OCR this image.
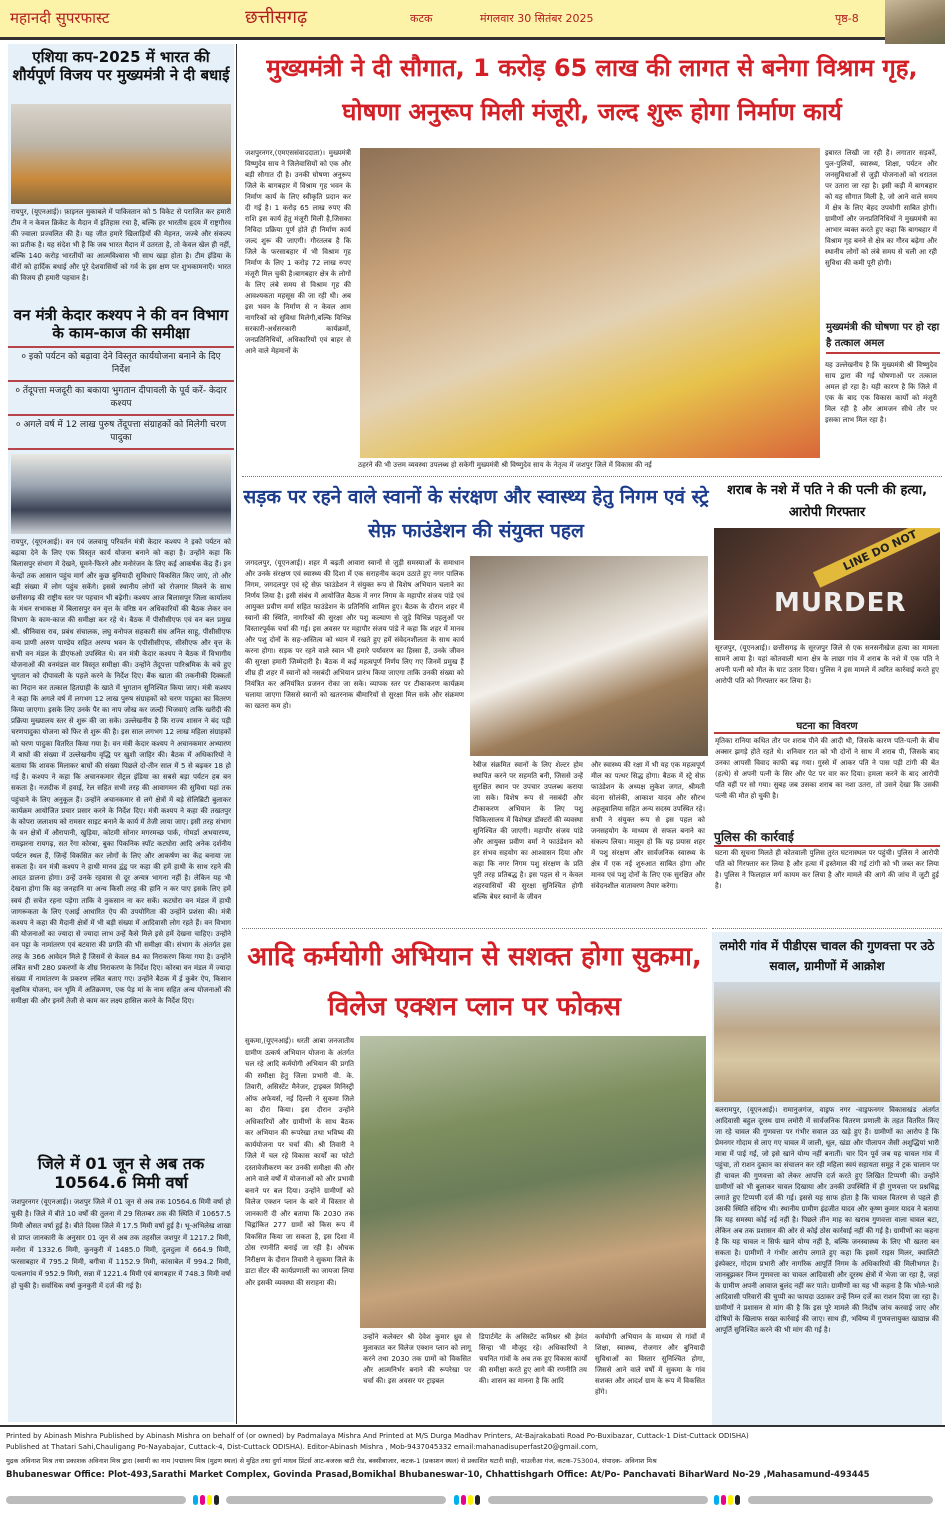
महानदी सुपरफास्ट	छत्तीसगढ़	कटक	मंगलवार 30 सितंबर 2025	पृष्ठ-8
एशिया कप-2025 में भारत की शौर्यपूर्ण विजय पर मुख्यमंत्री ने दी बधाई
रायपुर, (यूएनआई)। फ़ाइनल मुकाबले में पाकिस्तान को 5 विकेट से पराजित कर हमारी टीम ने न केवल क्रिकेट के मैदान में इतिहास रचा है, बल्कि हर भारतीय हृदय में राष्ट्रगौरव की ज्वाला प्रज्वलित की है। यह जीत हमारे खिलाड़ियों की मेहनत, जज्बे और संकल्प का प्रतीक है। यह संदेश भी है कि जब भारत मैदान में उतरता है, तो केवल खेल ही नहीं, बल्कि 140 करोड़ भारतीयों का आत्मविश्वास भी साथ खड़ा होता है। टीम इंडिया के वीरों को हार्दिक बधाई और पूरे देशवासियों को गर्व के इस क्षण पर शुभकामनाएँ। भारत की विजय ही हमारी पहचान है।
वन मंत्री केदार कश्यप ने की वन विभाग के काम-काज की समीक्षा
० इको पर्यटन को बढ़ावा देने विस्तृत कार्ययोजना बनाने के दिए निर्देश
० तेंदूपत्ता मजदूरी का बकाया भुगतान दीपावली के पूर्व करें- केदार कश्यप
० अगले वर्ष में 12 लाख पुरुष तेंदूपत्ता संग्राहकों को मिलेगी चरण पादुका
रायपुर, (यूएनआई)। वन एवं जलवायु परिवर्तन मंत्री केदार कश्यप ने इको पर्यटन को बढ़ावा देने के लिए एक विस्तृत कार्य योजना बनाने को कहा है। उन्होंने कहा कि बिलासपुर संभाग में देखने, घूमने-फिरने और मनोरंजन के लिए कई आकर्षक केंद्र हैं। इन केन्द्रों तक आसान पहुंच मार्ग और कुछ बुनियादी सुविधाएं विकसित किए जाएं, तो और बड़ी संख्या में लोग पहुंच सकेंगे। इससे स्थानीय लोगों को रोजगार मिलने के साथ छत्तीसगढ़ की राष्ट्रीय स्तर पर पहचान भी बढ़ेगी। कश्यप आज बिलासपुर जिला कार्यालय के मंथन सभाकक्ष में बिलासपुर वन वृत्त के वरिष्ठ वन अधिकारियों की बैठक लेकर वन विभाग के काम-काज की समीक्षा कर रहे थे। बैठक में पीसीसीएफ एवं वन बल प्रमुख श्री. श्रीनिवास राव, प्रबंध संचालक, लघु वनोपज सहकारी संघ अनिल साहू, पीसीसीएफ वन्य प्राणी अरुण पाण्डेय सहित अरण्य भवन के एपीसीसीएफ, सीसीएफ और वृत्त के सभी वन मंडल के डीएफओ उपस्थित थे। वन मंत्री केदार कश्यप ने बैठक में विभागीय योजनाओं की वनमंडल वार विस्तृत समीक्षा की। उन्होंने तेंदूपत्ता पारिश्रमिक के बचे हुए भुगतान को दीपावली के पहले करने के निर्देश दिए। बैंक खाता की तकनीकी दिक्कतों का निदान कर तत्काल हितग्राही के खाते में भुगतान सुनिश्चित किया जाए। मंत्री कश्यप ने कहा कि अगले वर्ष में लगभग 12 लाख पुरुष संग्राहकों को चरण पादुका का वितरण किया जाएगा। इसके लिए उनके पैर का नाप जोख कर जल्दी भिजवाएं ताकि खरीदी की प्रक्रिया मुख्यालय स्तर से शुरू की जा सके। उल्लेखनीय है कि राज्य शासन ने बंद पड़ी चरणपादुका योजना को फिर से शुरू की है। इस साल लगभग 12 लाख महिला संग्राहकों को चरण पादुका वितरित किया गया है। वन मंत्री केदार कश्यप ने अचानकमार अभ्यारण में बाघों की संख्या में उल्लेखनीय वृद्धि पर खुशी जाहिर की। बैठक में अधिकारियों ने बताया कि शावक मिलाकर बाघों की संख्या पिछले दो-तीन साल में 5 से बढ़कर 18 हो गई है। कश्यप ने कहा कि अचानकमार सेंट्रल इंडिया का सबसे बड़ा पर्यटन हब बन सकता है। नजदीक में हवाई, रेल सहित सभी तरह की आवागमन की सुविधा यहां तक पहुंचाने के लिए अनुकूल हैं। उन्होंने अचानकमार से लगे क्षेत्रों में बड़े सेलिब्रिटी बुलाकर कार्यक्रम आयोजित प्रचार प्रसार करने के निर्देश दिए। मंत्री कश्यप ने कहा की तखतपुर के कोपरा जलाशय को रामसर साइट बनाने के कार्य में तेजी लाया जाए। इसी तरह संभाग के वन क्षेत्रों में औरापानी, खुड़िया, कोटमी सोनार मगरमच्छ पार्क, गोमर्डा अभयारण्य, रामझरना रायगढ़, सत रेंगा कोरबा, बुका पिकनिक स्पॉट कटघोरा आदि अनेक दर्शनीय पर्यटन स्थल हैं, जिन्हें विकसित कर लोगों के लिए और आकर्षण का केंद्र बनाया जा सकता है। वन मंत्री कश्यप ने हाथी मानव द्वंद्व पर कहा की हमें हाथी के साथ रहने की आदत डालना होगा। उन्हें उनके रहवास से दूर अन्यत्र भागना नहीं है। लेकिन यह भी देखना होगा कि वह जनहानि या अन्य किसी तरह की हानि न कर पाए इसके लिए हमें स्वयं ही सचेत रहना पड़ेगा ताकि वे नुकसान ना कर सकें। कटघोरा वन मंडल में हाथी जागरूकता के लिए एआई आधारित ऐप की उपयोगिता की उन्होंने प्रशंसा की। मंत्री कश्यप ने कहा की मैदानी क्षेत्रों में भी बड़ी संख्या में आदिवासी लोग रहते हैं। वन विभाग की योजनाओं का ज्यादा से ज्यादा लाभ उन्हें कैसे मिले इसे हमें देखना चाहिए। उन्होंने वन पट्टा के नामांतरण एवं बटवारा की प्रगति की भी समीक्षा की। संभाग के अंतर्गत इस तरह के 366 आवेदन मिले हैं जिसमें से केवल 84 का निराकरण किया गया है। उन्होंने लंबित सभी 280 प्रकरणों के शीघ्र निराकरण के निर्देश दिए। कोरबा वन मंडल में ज्यादा संख्या में नामांतरण के प्रकरण लंबित बताए गए। उन्होंने बैठक में ई कुबेर ऐप, किसान वृक्षमित्र योजना, वन भूमि में अतिक्रमण, एक पेड़ मां के नाम सहित अन्य योजनाओं की समीक्षा की और इनमें तेजी से काम कर लक्ष्य हासिल करने के निर्देश दिए।
जिले में 01 जून से अब तक 10564.6 मिमी वर्षा
जशपुरनगर (यूएनआई)। जशपुर जिले में 01 जून से अब तक 10564.6 मिमी वर्षा हो चुकी है। जिले में बीते 10 वर्षों की तुलना में 29 सितम्बर तक की स्थिति में 10657.5 मिमी औसत वर्षा हुई है। बीते दिवस जिले में 17.5 मिमी वर्षा हुई है। भू-अभिलेख शाखा से प्राप्त जानकारी के अनुसार 01 जून से अब तक तहसील जशपुर में 1217.2 मिमी, मनोरा में 1332.6 मिमी, कुनकुरी में 1485.0 मिमी, दुलदुला में 664.9 मिमी, फरसाबहार में 795.2 मिमी, बगीचा में 1152.9 मिमी, कांसाबेल में 994.2 मिमी, पत्थलगांव में 952.9 मिमी, सन्ना में 1221.4 मिमी एवं बागबहार में 748.3 मिमी वर्षा हो चुकी है। सर्वाधिक वर्षा कुनकुरी में दर्ज की गई है।
मुख्यमंत्री ने दी सौगात, 1 करोड़ 65 लाख की लागत से बनेगा विश्राम गृह, घोषणा अनुरूप मिली मंजूरी, जल्द शुरू होगा निर्माण कार्य
जशपुरनगर,(एमएससंवाददाता)। मुख्यमंत्री विष्णुदेव साय ने जिलेवासियों को एक और बड़ी सौगात दी है। उनकी घोषणा अनुरूप जिले के बागबहार में विश्राम गृह भवन के निर्माण कार्य के लिए स्वीकृति प्रदान कर दी गई है। 1 करोड़ 65 लाख रुपए की राशि इस कार्य हेतु मंजूरी मिली है,जिसका निविदा प्रक्रिया पूर्ण होते ही निर्माण कार्य जल्द शुरू की जाएगी। गौरतलब है कि जिले के फरसाबहार में भी विश्राम गृह निर्माण के लिए 1 करोड़ 72 लाख रुपए मंजूरी मिल चुकी है।बागबहार क्षेत्र के लोगों के लिए लंबे समय से विश्राम गृह की आवश्यकता महसूस की जा रही थी। अब इस भवन के निर्माण से न केवल आम नागरिकों को सुविधा मिलेगी,बल्कि विभिन्न सरकारी-अर्धसरकारी कार्यक्रमों, जनप्रतिनिधियों, अधिकारियों एवं बाहर से आने वाले मेहमानों के
इबारत लिखी जा रही है। लगातार सड़कों, पुल-पुलियों, स्वास्थ्य, शिक्षा, पर्यटन और जनसुविधाओं से जुड़ी योजनाओं को धरातल पर उतारा जा रहा है। इसी कड़ी में बागबहार को यह सौगात मिली है, जो आने वाले समय में क्षेत्र के लिए बेहद उपयोगी साबित होगी। ग्रामीणों और जनप्रतिनिधियों ने मुख्यमंत्री का आभार व्यक्त करते हुए कहा कि बागबहार में विश्राम गृह बनने से क्षेत्र का गौरव बढ़ेगा और स्थानीय लोगों को लंबे समय से चली आ रही सुविधा की कमी पूरी होगी।
मुख्यमंत्री की घोषणा पर हो रहा है तत्काल अमल
यह उल्लेखनीय है कि मुख्यमंत्री श्री विष्णुदेव साय द्वारा की गई घोषणाओं पर तत्काल अमल हो रहा है। यही कारण है कि जिले में एक के बाद एक विकास कार्यों को मंजूरी मिल रही है और आमजन सीधे तौर पर इसका लाभ मिल रहा है।
ठहरने की भी उत्तम व्यवस्था उपलब्ध हो सकेगी मुख्यमंत्री श्री विष्णुदेव साय के नेतृत्व में जशपुर जिले में विकास की नई
सड़क पर रहने वाले स्वानों के संरक्षण और स्वास्थ्य हेतु निगम एवं स्ट्रे सेफ़ फाउंडेशन की संयुक्त पहल
जगदलपुर, (यूएनआई)। शहर में बढ़ती आवारा स्वानों से जुड़ी समस्याओं के समाधान और उनके संरक्षण एवं स्वास्थ्य की दिशा में एक सराहनीय कदम उठाते हुए नगर पालिक निगम, जगदलपुर एवं स्ट्रे सेफ़ फाउंडेशन ने संयुक्त रूप से विशेष अभियान चलाने का निर्णय लिया है। इसी संबंध में आयोजित बैठक में नगर निगम के महापौर संजय पांडे एवं आयुक्त प्रवीण वर्मा सहित फाउंडेशन के प्रतिनिधि शामिल हुए। बैठक के दौरान शहर में स्वानों की स्थिति, नागरिकों की सुरक्षा और पशु कल्याण से जुड़े विभिन्न पहलुओं पर विस्तारपूर्वक चर्चा की गई। इस अवसर पर महापौर संजय पांडे ने कहा कि शहर में मानव और पशु दोनों के सह-अस्तित्व को ध्यान में रखते हुए हमें संवेदनशीलता के साथ कार्य करना होगा। सड़क पर रहने वाले स्वान भी हमारे पर्यावरण का हिस्सा हैं, उनके जीवन की सुरक्षा हमारी जिम्मेदारी है। बैठक में कई महत्वपूर्ण निर्णय लिए गए जिनमें प्रमुख हैं शीघ्र ही शहर में स्वानों को नसबंदी अभियान प्रारंभ किया जाएगा ताकि उनकी संख्या को नियंत्रित कर अनियंत्रित प्रजनन रोका जा सके। व्यापक स्तर पर टीकाकरण कार्यक्रम चलाया जाएगा जिससे स्वानों को खतरनाक बीमारियों से सुरक्षा मिल सके और संक्रमण का खतरा कम हो।
रेबीज संक्रमित स्वानों के लिए शेल्टर होम स्थापित करने पर सहमति बनी, जिससे उन्हें सुरक्षित स्थान पर उपचार उपलब्ध कराया जा सके। विशेष रूप से नसबंदी और टीकाकरण अभियान के लिए पशु चिकित्सालय में विशेषज्ञ डॉक्टरों की व्यवस्था सुनिश्चित की जाएगी। महापौर संजय पांडे और आयुक्त प्रवीण वर्मा ने फाउंडेशन को हर संभव सहयोग का आश्वासन दिया और कहा कि नगर निगम पशु संरक्षण के प्रति पूरी तरह प्रतिबद्ध है। इस पहल से न केवल शहरवासियों की सुरक्षा सुनिश्चित होगी बल्कि बेघर स्वानों के जीवन
और स्वास्थ्य की रक्षा में भी यह एक महत्वपूर्ण मील का पत्थर सिद्ध होगा। बैठक में स्ट्रे सेफ़ फाउंडेशन के अध्यक्ष लुकेश जगत, श्रीमती वंदना सोलंकी, आकाश यादव और सौरभ अहलूवालिया सहित अन्य सदस्य उपस्थित रहे। सभी ने संयुक्त रूप से इस पहल को जनसहयोग के माध्यम से सफल बनाने का संकल्प लिया। मालूम हो कि यह प्रयास शहर में पशु संरक्षण और सार्वजनिक स्वास्थ्य के क्षेत्र में एक नई शुरुआत साबित होगा और मानव एवं पशु दोनों के लिए एक सुरक्षित और संवेदनशील वातावरण तैयार करेगा।
शराब के नशे में पति ने की पत्नी की हत्या, आरोपी गिरफ्तार
LINE DO NOT
MURDER
सूरजपुर, (यूएनआई)। छत्तीसगढ़ के सूरजपुर जिले से एक सनसनीखेज हत्या का मामला सामने आया है। यहां कोतवाली थाना क्षेत्र के लाछा गांव में शराब के नशे में एक पति ने अपनी पत्नी को मौत के घाट उतार दिया। पुलिस ने इस मामले में त्वरित कार्रवाई करते हुए आरोपी पति को गिरफ्तार कर लिया है।
घटना का विवरण
मृतिका रानिया कथित तौर पर शराब पीने की आदी थी, जिसके कारण पति-पत्नी के बीच अक्सर झगड़े होते रहते थे। शनिवार रात को भी दोनों ने साथ में शराब पी, जिसके बाद उनका आपसी विवाद काफी बढ़ गया। गुस्से में आकर पति ने पास पड़ी टांगी की बेंत (हत्थे) से अपनी पत्नी के सिर और पेट पर वार कर दिया। हमला करने के बाद आरोपी पति वहीं पर सो गया। सुबह जब उसका शराब का नशा उतरा, तो उसने देखा कि उसकी पत्नी की मौत हो चुकी है।
पुलिस की कार्रवाई
घटना की सूचना मिलते ही कोतवाली पुलिस तुरंत घटनास्थल पर पहुंची। पुलिस ने आरोपी पति को गिरफ्तार कर लिया है और हत्या में इस्तेमाल की गई टांगी को भी जब्त कर लिया है। पुलिस ने फिलहाल मर्ग कायम कर लिया है और मामले की आगे की जांच में जुटी हुई है।
आदि कर्मयोगी अभियान से सशक्त होगा सुकमा, विलेज एक्शन प्लान पर फोकस
सुकमा,(यूएनआई)। धरती आबा जनजातीय ग्रामीण उत्कर्ष अभियान योजना के अंतर्गत चल रहे आदि कर्मयोगी अभियान की प्रगति की समीक्षा हेतु जिला प्रभारी वी. के. तिवारी, असिस्टेंट मैनेजर, ट्राइबल मिनिस्ट्री ऑफ अफेयर्स, नई दिल्ली ने सुकमा जिले का दौरा किया। इस दौरान उन्होंने अधिकारियों और ग्रामीणों के साथ बैठक कर अभियान की रूपरेखा तथा भविष्य की कार्ययोजना पर चर्चा की। श्री तिवारी ने जिले में चल रहे विकास कार्यों का फोटो दस्तावेजीकरण कर उनकी समीक्षा की और आने वाले वर्षों में योजनाओं को और प्रभावी बनाने पर बल दिया। उन्होंने ग्रामीणों को विलेज एक्शन प्लान के बारे में विस्तार से जानकारी दी और बताया कि 2030 तक चिह्नांकित 277 ग्रामों को किस रूप में विकसित किया जा सकता है, इस दिशा में ठोस रणनीति बनाई जा रही है। औचक निरीक्षण के दौरान तिवारी ने सुकमा जिले के डाटा सेंटर की कार्यप्रणाली का जायजा लिया और इसकी व्यवस्था की सराहना की।
उन्होंने कलेक्टर श्री देवेश कुमार ध्रुव से मुलाकात कर विलेज एक्शन प्लान को लागू करने तथा 2030 तक ग्रामों को विकसित और आत्मनिर्भर बनाने की रूपरेखा पर चर्चा की। इस अवसर पर ट्राइबल
डिपार्टमेंट के असिस्टेंट कमिश्नर श्री हेमंत सिन्हा भी मौजूद रहे। अधिकारियों ने चयनित गांवों के अब तक हुए विकास कार्यों की समीक्षा करते हुए आगे की रणनीति तय की। शासन का मानना है कि आदि
कर्मयोगी अभियान के माध्यम से गांवों में शिक्षा, स्वास्थ्य, रोजगार और बुनियादी सुविधाओं का विस्तार सुनिश्चित होगा, जिससे आने वाले वर्षों में सुकमा के गांव सशक्त और आदर्श ग्राम के रूप में विकसित होंगे।
लमोरी गांव में पीडीएस चावल की गुणवत्ता पर उठे सवाल, ग्रामीणों में आक्रोश
बलरामपुर, (यूएनआई)। रामानुजगंज, वाड्रफ नगर -वाड्रफनगर विकासखंड अंतर्गत आदिवासी बहुल दूरस्थ ग्राम लमोरी में सार्वजनिक वितरण प्रणाली के तहत वितरित किए जा रहे चावल की गुणवत्ता पर गंभीर सवाल उठ खड़े हुए हैं। ग्रामीणों का आरोप है कि प्रेमनगर गोदाम से लाए गए चावल में जाली, धूल, खंडा और पीलापन जैसी अशुद्धियां भारी मात्रा में पाई गईं, जो इसे खाने योग्य नहीं बनातीं। चार दिन पूर्व जब यह चावल गांव में पहुंचा, तो राशन दुकान का संचालन कर रही महिला स्वयं सहायता समूह ने ट्रक चालान पर ही चावल की गुणवत्ता को लेकर आपत्ति दर्ज करते हुए लिखित टिप्पणी की। उन्होंने ग्रामीणों को भी बुलाकर चावल दिखाया और उनकी उपस्थिति में ही गुणवत्ता पर प्रश्नचिह्न लगाते हुए टिप्पणी दर्ज की गई। इससे यह साफ होता है कि चावल वितरण से पहले ही उसकी स्थिति संदिग्ध थी। स्थानीय ग्रामीण इंद्रजीत यादव और कृष्ण कुमार यादव ने बताया कि यह समस्या कोई नई नहीं है। पिछले तीन माह का खराब गुणवत्ता वाला चावल बटा, लेकिन अब तक प्रशासन की ओर से कोई ठोस कार्रवाई नहीं की गई है। ग्रामीणों का कहना है कि यह चावल न सिर्फ खाने योग्य नहीं है, बल्कि जनस्वास्थ्य के लिए भी खतरा बन सकता है। ग्रामीणों ने गंभीर आरोप लगाते हुए कहा कि इसमें राइस मिलर, क्वालिटी इंस्पेक्टर, गोदाम प्रभारी और नागरिक आपूर्ति निगम के अधिकारियों की मिलीभगत है। जानबूझकर निम्न गुणवत्ता का चावल आदिवासी और दूरस्थ क्षेत्रों में भेजा जा रहा है, जहां के ग्रामीण अपनी आवाज बुलंद नहीं कर पाते। ग्रामीणों का यह भी कहना है कि भोले-भाले आदिवासी परिवारों की चुप्पी का फायदा उठाकर उन्हें निम्न दर्जे का राशन दिया जा रहा है। ग्रामीणों ने प्रशासन से मांग की है कि इस पूरे मामले की निर्दोष जांच करवाई जाए और दोषियों के खिलाफ सख्त कार्रवाई की जाए। साथ ही, भविष्य में गुणवत्तायुक्त खाद्यान्न की आपूर्ति सुनिश्चित करने की भी मांग की गई है।

Printed by Abinash Mishra Published by Abinash Mishra on behalf of (or owned) by Padmalaya Mishra And Printed at M/S Durga Madhav Printers, At-Bajrakabati Road Po-Buxibazar, Cuttack-1 Dist-Cuttack ODISHA)

Published at Thatari Sahi,Chauligang Po-Nayabajar, Cuttack-4, Dist-Cuttack ODISHA). Editor-Abinash Mishra , Mob-9437045332 email:mahanadisuperfast20@gmail.com,

मुद्रक अविनाश मिश्र तथा प्रकाशक अविनाश मिश्र द्वारा (स्वामी का नाम )पद्मालय मिश्र (मुद्रण स्थल) से मुद्रित तथा दुर्गा माधव प्रिंटर्स आट-बजरक बाटी रोड, बक्सीबाजार, कटक-1 (प्रकाशन स्थल) से प्रकाशित थटारी साही, चाउलीआ गंज, कटक-753004, संपादक- अविनाश मिश्र

Bhubaneswar Office: Plot-493,Sarathi Market Complex, Govinda Prasad,Bomikhal Bhubaneswar-10, Chhattishgarh Office: At/Po- Panchavati BiharWard No-29 ,Mahasamund-493445
